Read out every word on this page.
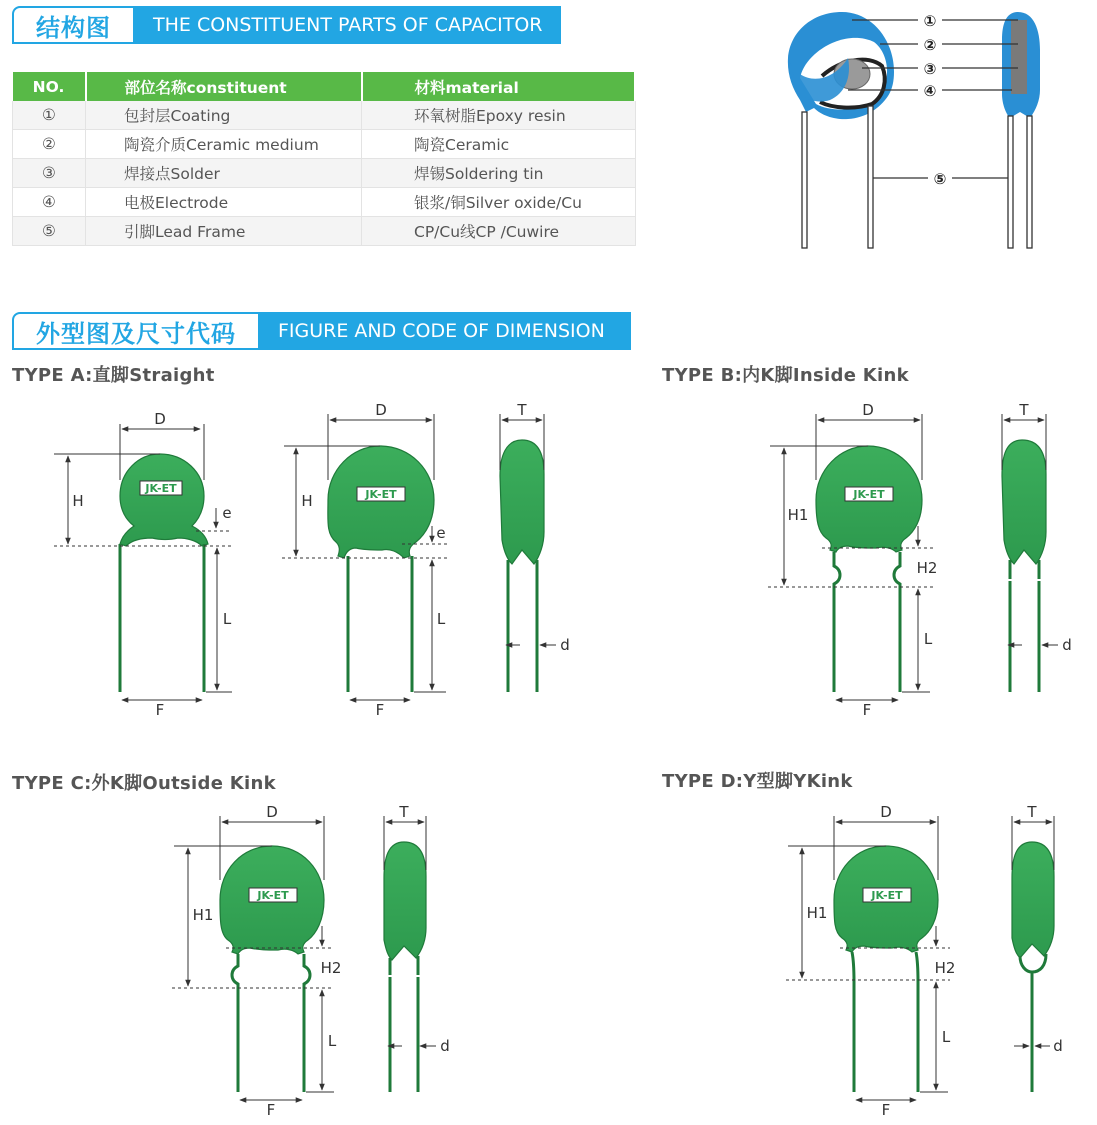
结构图	THE CONSTITUENT PARTS OF CAPACITOR
NO.	部位名称constituent	材料material
①	包封层Coating	环氧树脂Epoxy resin
②	陶瓷介质Ceramic medium	陶瓷Ceramic
③	焊接点Solder	焊锡Soldering tin
④	电极Electrode	银浆/铜Silver oxide/Cu
⑤	引脚Lead Frame	CP/Cu线CP /Cuwire
①
②
③
④
⑤
外型图及尺寸代码	FIGURE AND CODE OF DIMENSION
TYPE A:直脚Straight	TYPE B:内K脚Inside Kink
TYPE C:外K脚Outside Kink	TYPE D:Y型脚YKink
JK-ET
D
H
e
L
F
JK-ET
D
H
e
L
F
T
d
JK-ET
D
H1
H2
L
F
T
d
JK-ET
D
H1
H2
L
F
T
d
JK-ET
D
H1
H2
L
F
T
d
